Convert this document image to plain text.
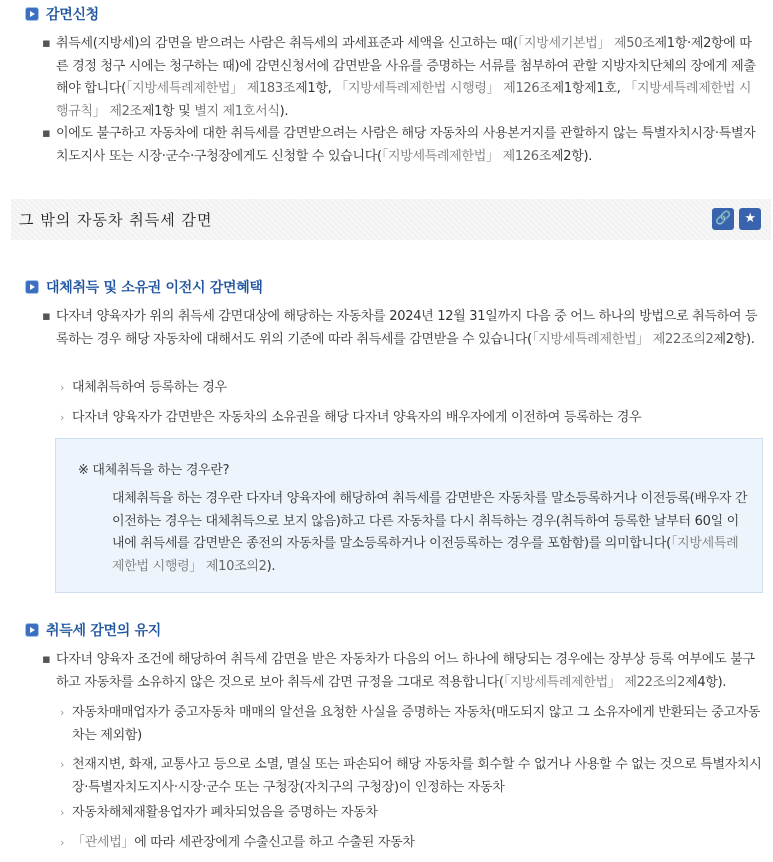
감면신청
▪ 취득세(지방세)의 감면을 받으려는 사람은 취득세의 과세표준과 세액을 신고하는 때(「지방세기본법」 제50조제1항·제2항에 따른 경정 청구 시에는 청구하는 때)에 감면신청서에 감면받을 사유를 증명하는 서류를 첨부하여 관할 지방자치단체의 장에게 제출해야 합니다(「지방세특례제한법」 제183조제1항, 「지방세특례제한법 시행령」 제126조제1항제1호, 「지방세특례제한법 시행규칙」 제2조제1항 및 별지 제1호서식).
▪ 이에도 불구하고 자동차에 대한 취득세를 감면받으려는 사람은 해당 자동차의 사용본거지를 관할하지 않는 특별자치시장·특별자치도지사 또는 시장·군수·구청장에게도 신청할 수 있습니다(「지방세특례제한법」 제126조제2항).
그 밖의 자동차 취득세 감면	🔗	★
대체취득 및 소유권 이전시 감면혜택
▪ 다자녀 양육자가 위의 취득세 감면대상에 해당하는 자동차를 2024년 12월 31일까지 다음 중 어느 하나의 방법으로 취득하여 등록하는 경우 해당 자동차에 대해서도 위의 기준에 따라 취득세를 감면받을 수 있습니다(「지방세특례제한법」 제22조의2제2항).
› 대체취득하여 등록하는 경우
› 다자녀 양육자가 감면받은 자동차의 소유권을 해당 다자녀 양육자의 배우자에게 이전하여 등록하는 경우
※ 대체취득을 하는 경우란?
대체취득을 하는 경우란 다자녀 양육자에 해당하여 취득세를 감면받은 자동차를 말소등록하거나 이전등록(배우자 간 이전하는 경우는 대체취득으로 보지 않음)하고 다른 자동차를 다시 취득하는 경우(취득하여 등록한 날부터 60일 이내에 취득세를 감면받은 종전의 자동차를 말소등록하거나 이전등록하는 경우를 포함함)를 의미합니다(「지방세특례제한법 시행령」 제10조의2).
취득세 감면의 유지
▪ 다자녀 양육자 조건에 해당하여 취득세 감면을 받은 자동차가 다음의 어느 하나에 해당되는 경우에는 장부상 등록 여부에도 불구하고 자동차를 소유하지 않은 것으로 보아 취득세 감면 규정을 그대로 적용합니다(「지방세특례제한법」 제22조의2제4항).
› 자동차매매업자가 중고자동차 매매의 알선을 요청한 사실을 증명하는 자동차(매도되지 않고 그 소유자에게 반환되는 중고자동차는 제외함)
› 천재지변, 화재, 교통사고 등으로 소멸, 멸실 또는 파손되어 해당 자동차를 회수할 수 없거나 사용할 수 없는 것으로 특별자치시장·특별자치도지사·시장·군수 또는 구청장(자치구의 구청장)이 인정하는 자동차
› 자동차해체재활용업자가 폐차되었음을 증명하는 자동차
› 「관세법」에 따라 세관장에게 수출신고를 하고 수출된 자동차
